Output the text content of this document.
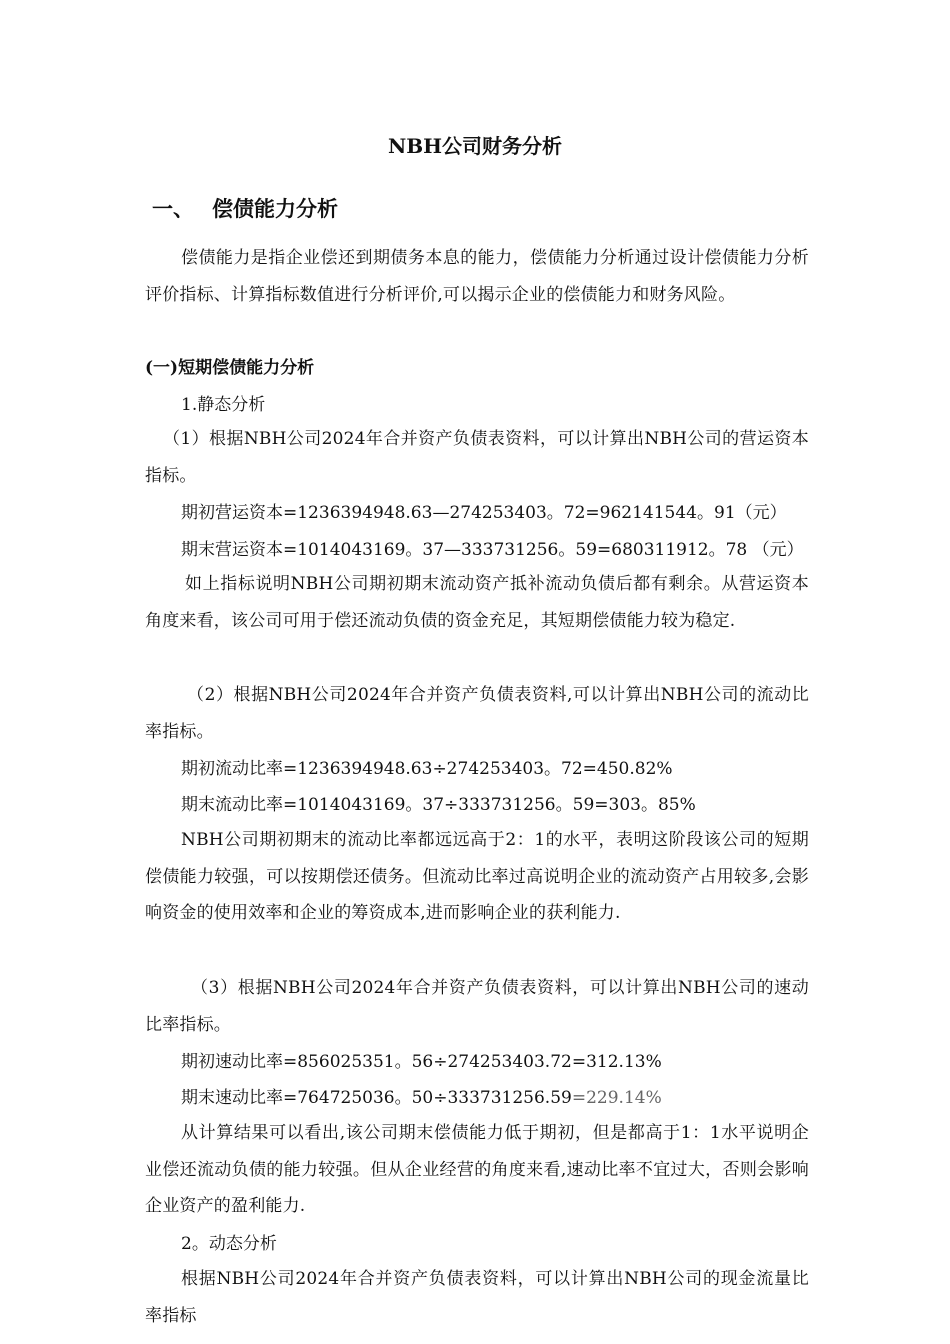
NBH公司财务分析
一、 偿债能力分析
偿债能力是指企业偿还到期债务本息的能力，偿债能力分析通过设计偿债能力分析评价指标、计算指标数值进行分析评价,可以揭示企业的偿债能力和财务风险。
(一)短期偿债能力分析
1.静态分析
（1）根据NBH公司2024年合并资产负债表资料，可以计算出NBH公司的营运资本指标。
期初营运资本=1236394948.63—274253403。72=962141544。91（元）
期末营运资本=1014043169。37—333731256。59=680311912。78 （元）
如上指标说明NBH公司期初期末流动资产抵补流动负债后都有剩余。从营运资本角度来看，该公司可用于偿还流动负债的资金充足，其短期偿债能力较为稳定.
（2）根据NBH公司2024年合并资产负债表资料,可以计算出NBH公司的流动比率指标。
期初流动比率=1236394948.63÷274253403。72=450.82%
期末流动比率=1014043169。37÷333731256。59=303。85%
NBH公司期初期末的流动比率都远远高于2：1的水平，表明这阶段该公司的短期偿债能力较强，可以按期偿还债务。但流动比率过高说明企业的流动资产占用较多,会影响资金的使用效率和企业的筹资成本,进而影响企业的获利能力.
（3）根据NBH公司2024年合并资产负债表资料，可以计算出NBH公司的速动比率指标。
期初速动比率=856025351。56÷274253403.72=312.13%
期末速动比率=764725036。50÷333731256.59=229.14%
从计算结果可以看出,该公司期末偿债能力低于期初，但是都高于1：1水平说明企业偿还流动负债的能力较强。但从企业经营的角度来看,速动比率不宜过大，否则会影响企业资产的盈利能力.
2。动态分析
根据NBH公司2024年合并资产负债表资料，可以计算出NBH公司的现金流量比率指标
